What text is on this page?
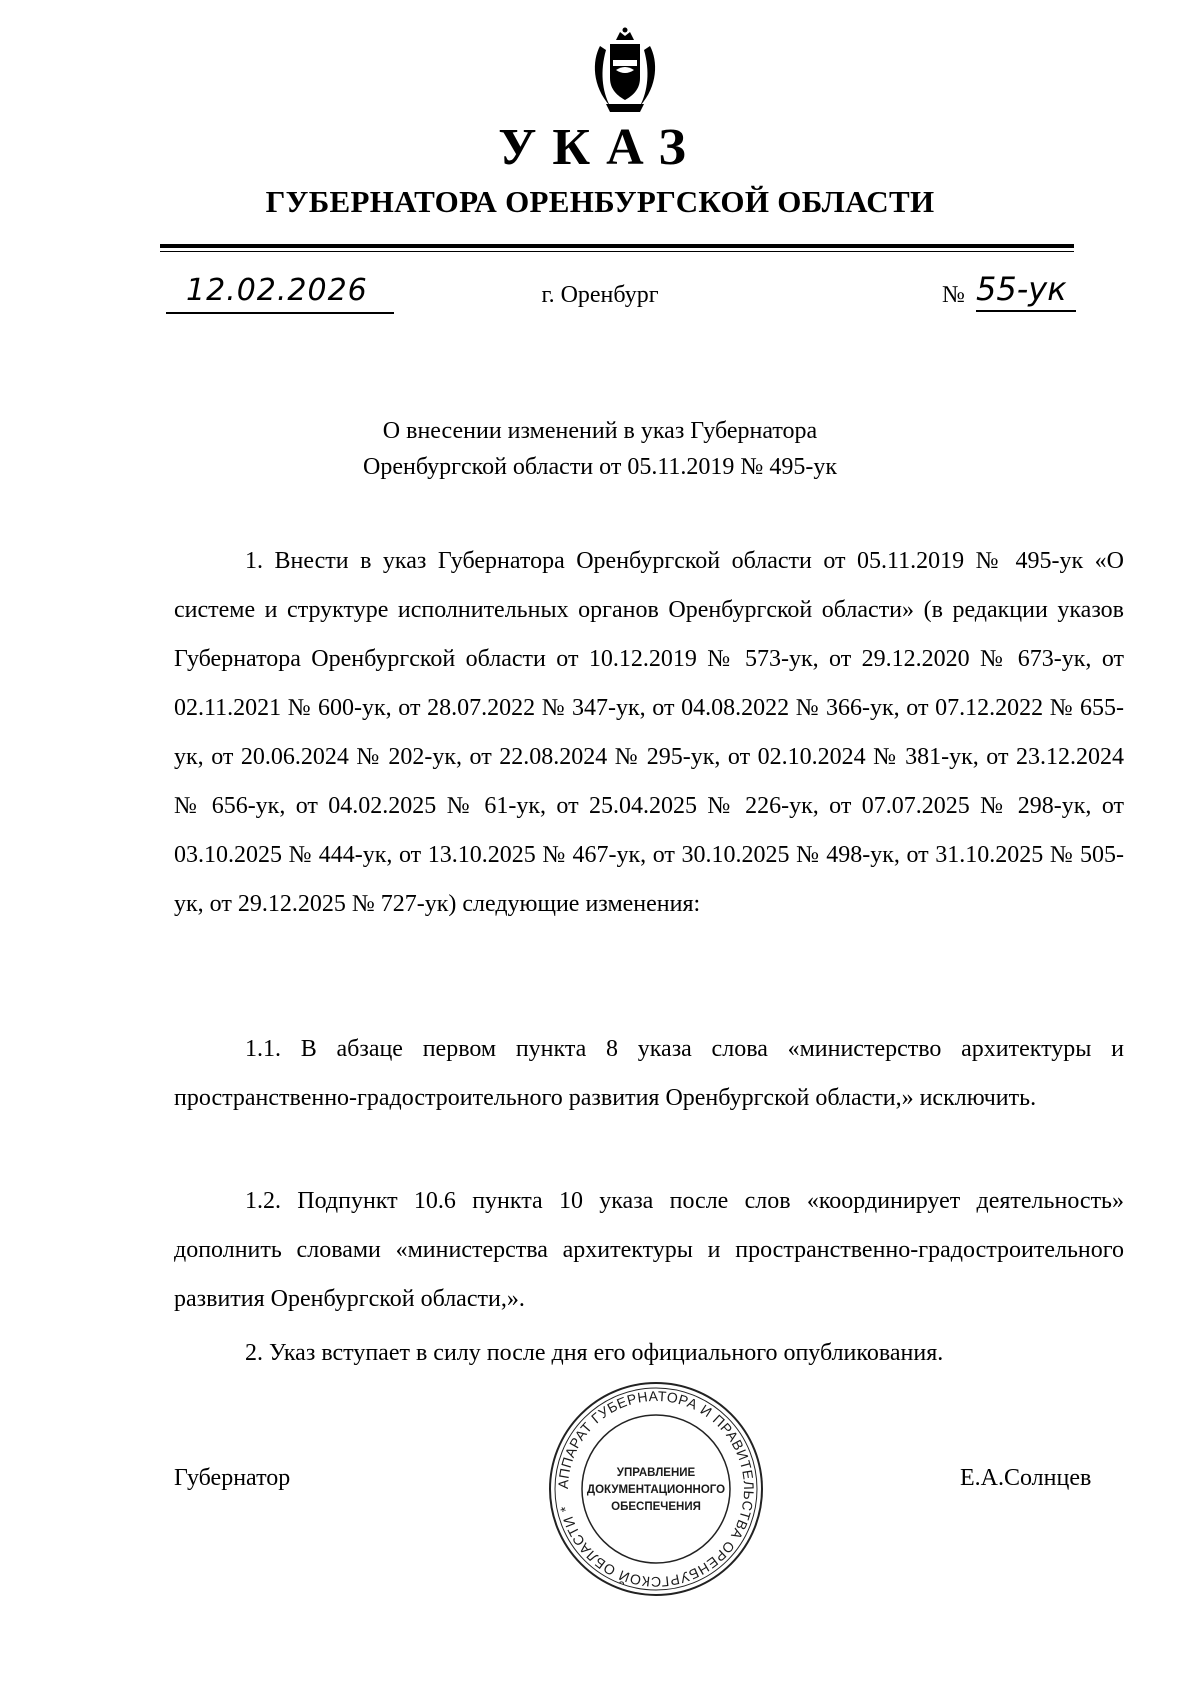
УКАЗ
ГУБЕРНАТОРА ОРЕНБУРГСКОЙ ОБЛАСТИ
12.02.2026	г. Оренбург	№ 55-ук
О внесении изменений в указ Губернатора
Оренбургской области от 05.11.2019 № 495-ук
1. Внести в указ Губернатора Оренбургской области от 05.11.2019 № 495-ук «О системе и структуре исполнительных органов Оренбургской области» (в редакции указов Губернатора Оренбургской области от 10.12.2019 № 573-ук, от 29.12.2020 № 673-ук, от 02.11.2021 № 600-ук, от 28.07.2022 № 347-ук, от 04.08.2022 № 366-ук, от 07.12.2022 № 655-ук, от 20.06.2024 № 202-ук, от 22.08.2024 № 295-ук, от 02.10.2024 № 381-ук, от 23.12.2024 № 656-ук, от 04.02.2025 № 61-ук, от 25.04.2025 № 226-ук, от 07.07.2025 № 298-ук, от 03.10.2025 № 444-ук, от 13.10.2025 № 467-ук, от 30.10.2025 № 498-ук, от 31.10.2025 № 505-ук, от 29.12.2025 № 727-ук) следующие изменения:
1.1. В абзаце первом пункта 8 указа слова «министерство архитектуры и пространственно-градостроительного развития Оренбургской области,» исключить.
1.2. Подпункт 10.6 пункта 10 указа после слов «координирует деятельность» дополнить словами «министерства архитектуры и пространственно-градостроительного развития Оренбургской области,».
2. Указ вступает в силу после дня его официального опубликования.
Губернатор	Е.А.Солнцев
АППАРАТ ГУБЕРНАТОРА И ПРАВИТЕЛЬСТВА ОРЕНБУРГСКОЙ ОБЛАСТИ *
УПРАВЛЕНИЕ
ДОКУМЕНТАЦИОННОГО
ОБЕСПЕЧЕНИЯ
